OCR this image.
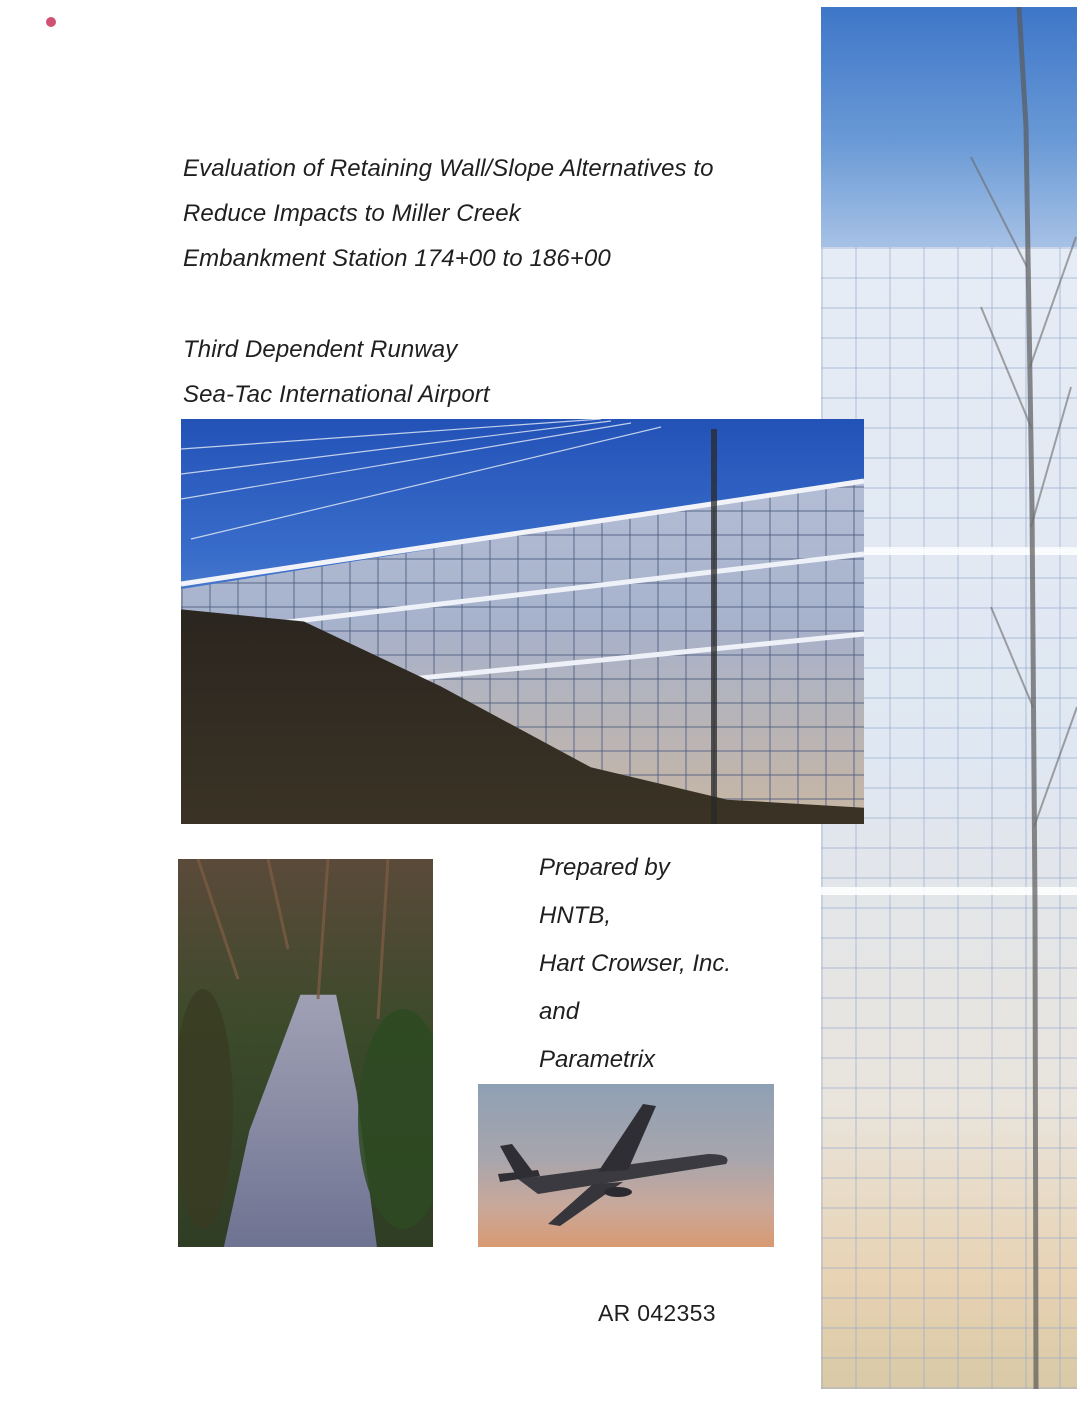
Evaluation of Retaining Wall/Slope Alternatives to
Reduce Impacts to Miller Creek
Embankment Station 174+00 to 186+00
Third Dependent Runway
Sea-Tac International Airport
Prepared by
HNTB,
Hart Crowser, Inc.
and
Parametrix
AR 042353
